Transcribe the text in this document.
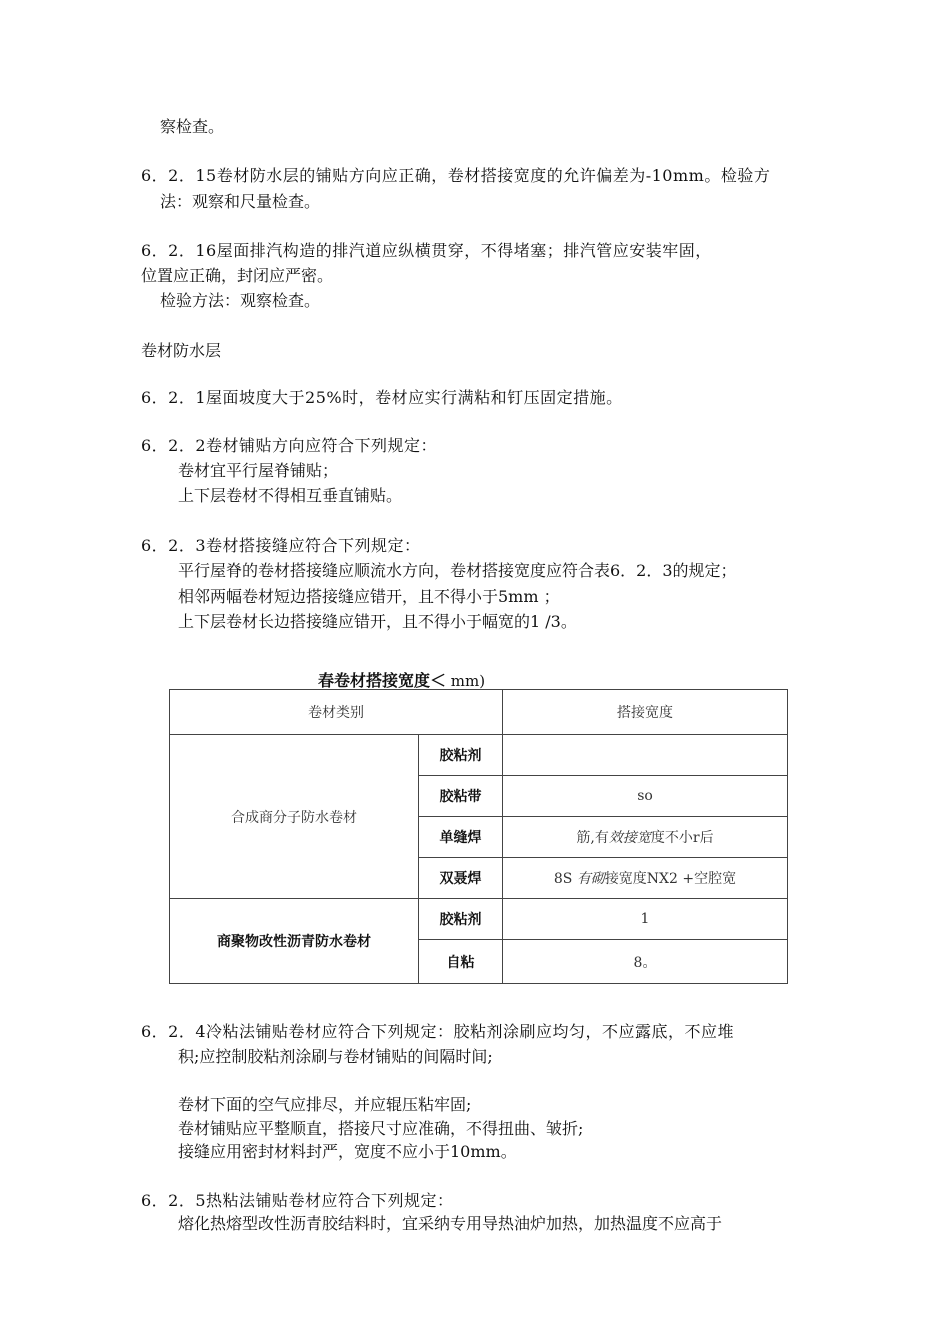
察检查。
6．2．15卷材防水层的铺贴方向应正确，卷材搭接宽度的允许偏差为-10mm。检验方
法：观察和尺量检查。
6．2．16屋面排汽构造的排汽道应纵横贯穿，不得堵塞；排汽管应安装牢固，
位置应正确，封闭应严密。
检验方法：观察检查。
卷材防水层
6．2．1屋面坡度大于25%时，卷材应实行满粘和钉压固定措施。
6．2．2卷材铺贴方向应符合下列规定：
卷材宜平行屋脊铺贴；
上下层卷材不得相互垂直铺贴。
6．2．3卷材搭接缝应符合下列规定：
平行屋脊的卷材搭接缝应顺流水方向，卷材搭接宽度应符合表6．2．3的规定；
相邻两幅卷材短边搭接缝应错开，且不得小于5mm ；
上下层卷材长边搭接缝应错开，且不得小于幅宽的1 /3。
春卷材搭接宽度＜ mm)
卷材类别		搭接宽度
合成商分子防水卷材	胶粘剂	
	胶粘带	so
	单缝焊	筋,有效接宽度不小r后
	双聂焊	8S 有砌接宽度NX2 +空腔宽
商聚物改性沥青防水卷材	胶粘剂	1
	自粘	8。
6．2．4冷粘法铺贴卷材应符合下列规定：胶粘剂涂刷应均匀，不应露底，不应堆
积;应控制胶粘剂涂刷与卷材铺贴的间隔时间;
卷材下面的空气应排尽，并应辊压粘牢固;
卷材铺贴应平整顺直，搭接尺寸应准确，不得扭曲、皱折;
接缝应用密封材料封严，宽度不应小于10mm。
6．2．5热粘法铺贴卷材应符合下列规定：
熔化热熔型改性沥青胶结料时，宜采纳专用导热油炉加热，加热温度不应高于
